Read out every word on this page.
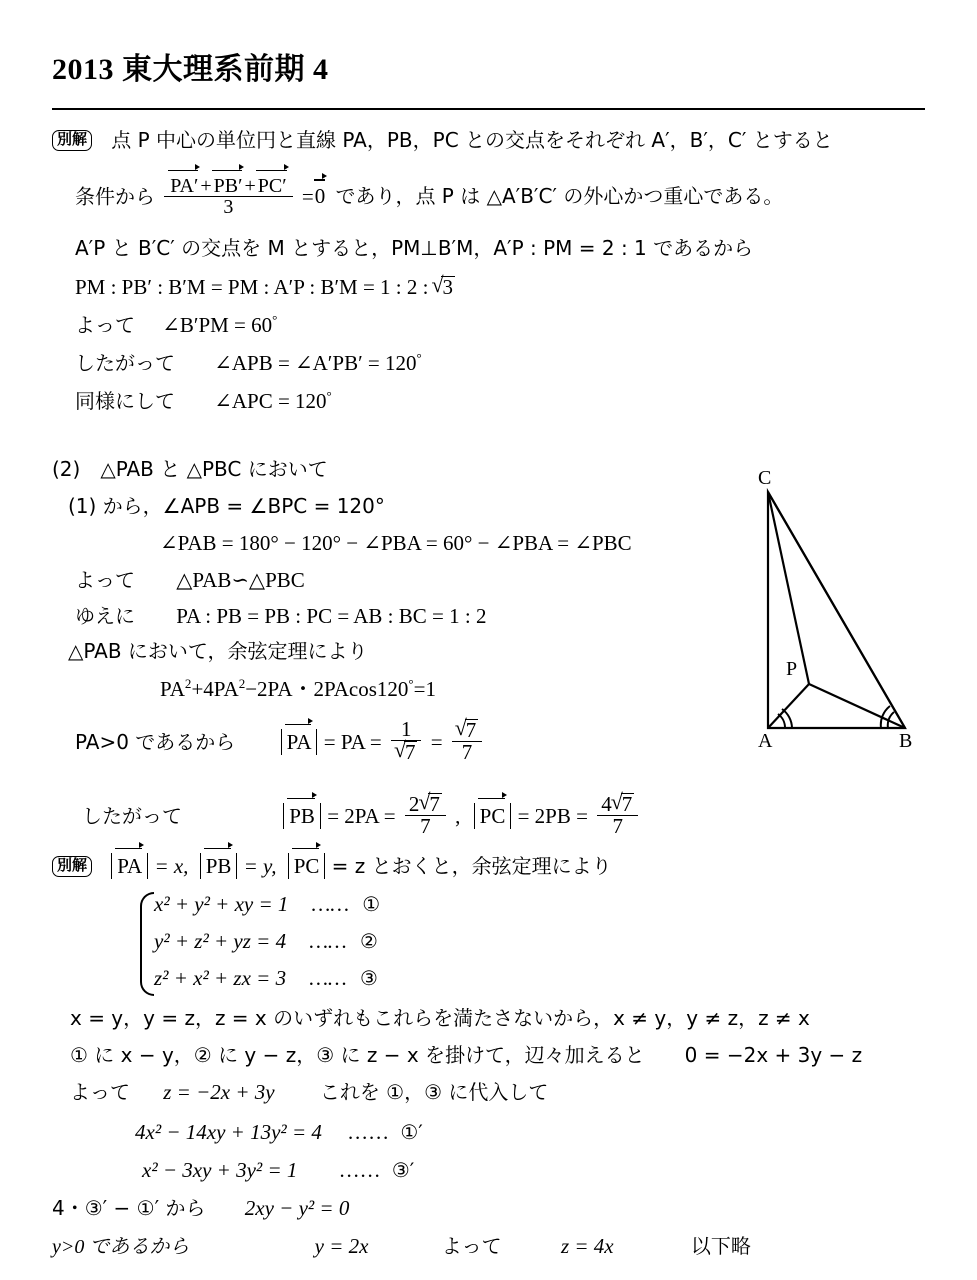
2013 東大理系前期 4
別解 点 P 中心の単位円と直線 PA，PB，PC との交点をそれぞれ A′，B′，C′ とすると
条件から $\frac{PA' + PB' + PC'}{3} =0$ であり，点 P は △A′B′C′ の外心かつ重心である。
A′P と B′C′ の交点を M とすると，PM⊥B′M，A′P : PM = 2 : 1 であるから
PM : PB′ : B′M = PM : A′P : B′M = 1 : 2 : √ 3
よって ∠B′PM = 60°
したがって ∠APB = ∠A′PB′ = 120°
同様にして ∠APC = 120°
(2)　△PAB と △PBC において
(1) から，∠APB = ∠BPC = 120°
∠PAB = 180° − 120° − ∠PBA = 60° − ∠PBA = ∠PBC
よって △PAB∽△PBC
ゆえに PA : PB = PB : PC = AB : BC = 1 : 2
△PAB において，余弦定理により
$PA^2+4PA^2-2PA$・2PAcos120°=1
PA>0 であるから PA = PA = 1
√ 7 = √ $\frac{7}{7}$
したがって	PB = $2PA = \frac{2 √ 7}{7}$ , PC = $2PB = \frac{4 √ 7}{7}$
別解 PA = x, PB = y, PC = z とおくと，余弦定理により
x² + y² + xy = 1 …… ①
y² + z² + yz = 4 …… ②
z² + x² + zx = 3 …… ③
x = y，y = z，z = x のいずれもこれらを満たさないから，x ≠ y，y ≠ z，z ≠ x
① に x − y，② に y − z，③ に z − x を掛けて，辺々加えると　　0 = −2x + 3y − z
よって z = −2x + 3y これを ①，③ に代入して
4x² − 14xy + 13y² = 4 …… ①′
x² − 3xy + 3y² = 1 …… ③′
4・③′ − ①′ から 2xy − y² = 0
y>0 であるから	y = 2x	よって	z = 4x	以下略
A	B
C
P
